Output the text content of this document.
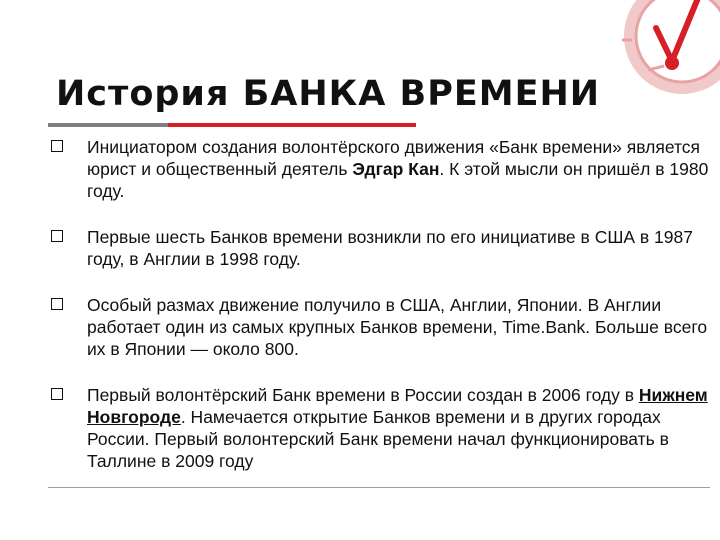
История БАНКА ВРЕМЕНИ
Инициатором создания волонтёрского движения «Банк времени» является юрист и общественный деятель Эдгар Кан. К этой мысли он пришёл в 1980 году.
Первые шесть Банков времени возникли по его инициативе в США в 1987 году, в Англии в 1998 году.
Особый размах движение получило в США, Англии, Японии. В Англии работает один из самых крупных Банков времени, Time.Bank. Больше всего их в Японии — около 800.
Первый волонтёрский Банк времени в России создан в 2006 году в Нижнем Новгороде. Намечается открытие Банков времени и в других городах России. Первый волонтерский Банк времени начал функционировать в Таллине в 2009 году
